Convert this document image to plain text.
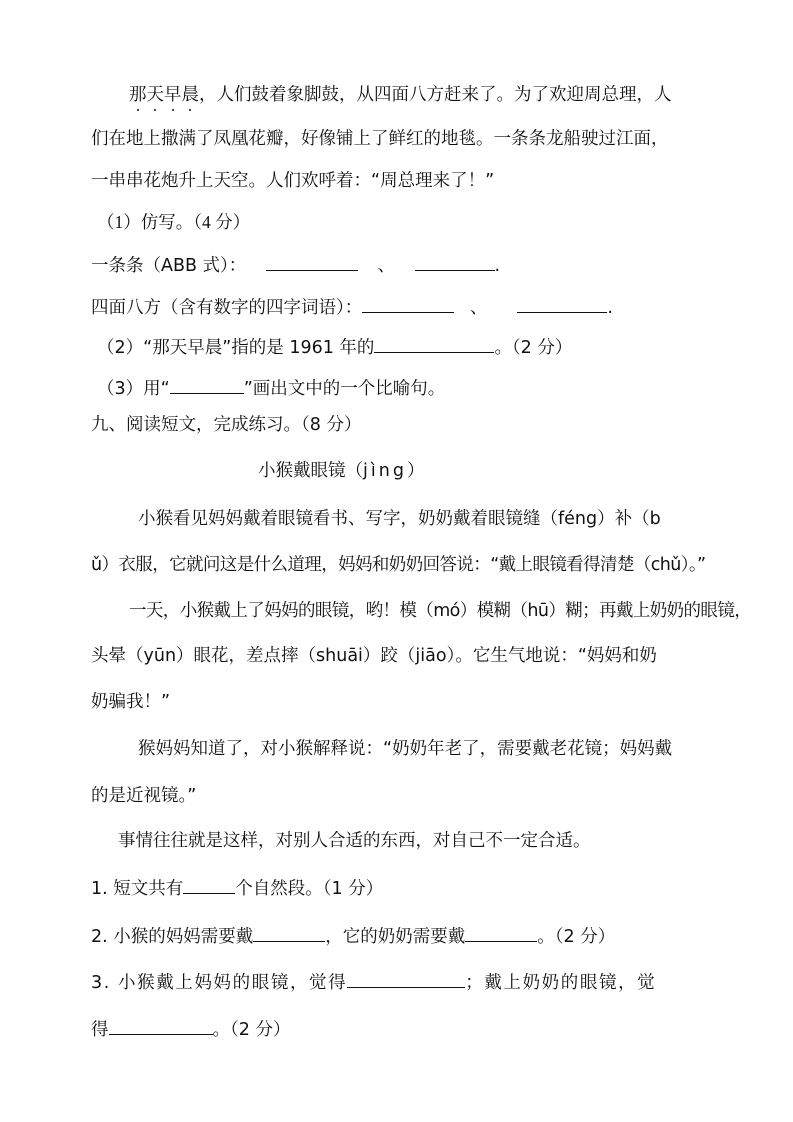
那天早晨，人们鼓着象脚鼓，从四面八方赶来了。为了欢迎周总理，人
们在地上撒满了凤凰花瓣，好像铺上了鲜红的地毯。一条条龙船驶过江面，
一串串花炮升上天空。人们欢呼着：“周总理来了！”
（1）仿写。（4 分）
一条条（ABB 式）：	、	.
四面八方（含有数字的四字词语）：	、	.
（2）“那天早晨”指的是 1961 年的	。（2 分）
（3）用“	”画出文中的一个比喻句。
九、阅读短文，完成练习。（8 分）
小猴戴眼镜（jìng）
小猴看见妈妈戴着眼镜看书、写字，奶奶戴着眼镜缝（féng）补（b
ǔ）衣服，它就问这是什么道理，妈妈和奶奶回答说：“戴上眼镜看得清楚（chǔ）。”
一天，小猴戴上了妈妈的眼镜，哟！模（mó）模糊（hū）糊；再戴上奶奶的眼镜，
头晕（yūn）眼花，差点摔（shuāi）跤（jiāo）。它生气地说：“妈妈和奶
奶骗我！”
猴妈妈知道了，对小猴解释说：“奶奶年老了，需要戴老花镜；妈妈戴
的是近视镜。”
事情往往就是这样，对别人合适的东西，对自己不一定合适。
1. 短文共有	个自然段。（1 分）
2. 小猴的妈妈需要戴	，它的奶奶需要戴	。（2 分）
3. 小猴戴上妈妈的眼镜，觉得	；戴上奶奶的眼镜，觉
得	。（2 分）
